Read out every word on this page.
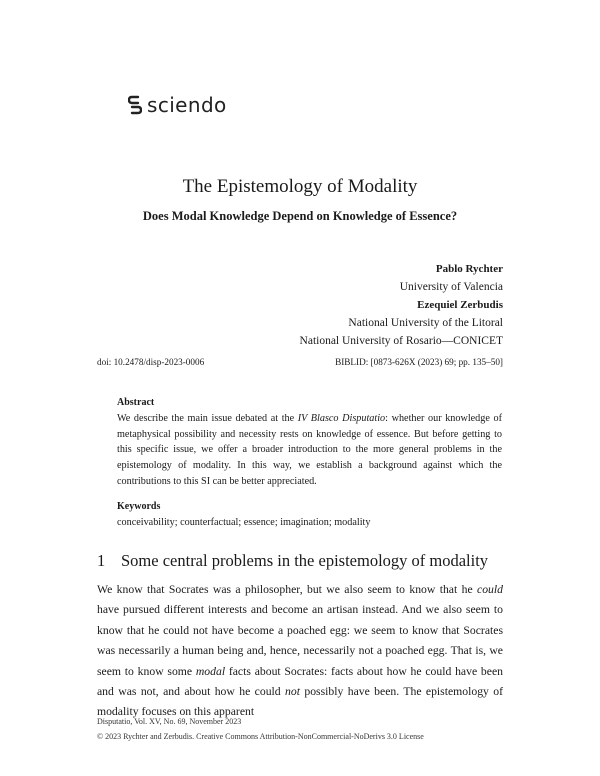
sciendo
The Epistemology of Modality
Does Modal Knowledge Depend on Knowledge of Essence?
Pablo Rychter
University of Valencia
Ezequiel Zerbudis
National University of the Litoral
National University of Rosario—CONICET
doi: 10.2478/disp-2023-0006	BIBLID: [0873-626X (2023) 69; pp. 135–50]
Abstract

We describe the main issue debated at the IV Blasco Disputatio: whether our knowledge of metaphysical possibility and necessity rests on knowledge of essence. But before getting to this specific issue, we offer a broader introduction to the more general problems in the epistemology of modality. In this way, we establish a background against which the contributions to this SI can be better appreciated.

Keywords
conceivability; counterfactual; essence; imagination; modality
1 Some central problems in the epistemology of modality

We know that Socrates was a philosopher, but we also seem to know that he could have pursued different interests and become an artisan instead. And we also seem to know that he could not have become a poached egg: we seem to know that Socrates was necessarily a human being and, hence, necessarily not a poached egg. That is, we seem to know some modal facts about Socrates: facts about how he could have been and was not, and about how he could not possibly have been. The epistemology of modality focuses on this apparent

Disputatio, Vol. XV, No. 69, November 2023
© 2023 Rychter and Zerbudis. Creative Commons Attribution-NonCommercial-NoDerivs 3.0 License
